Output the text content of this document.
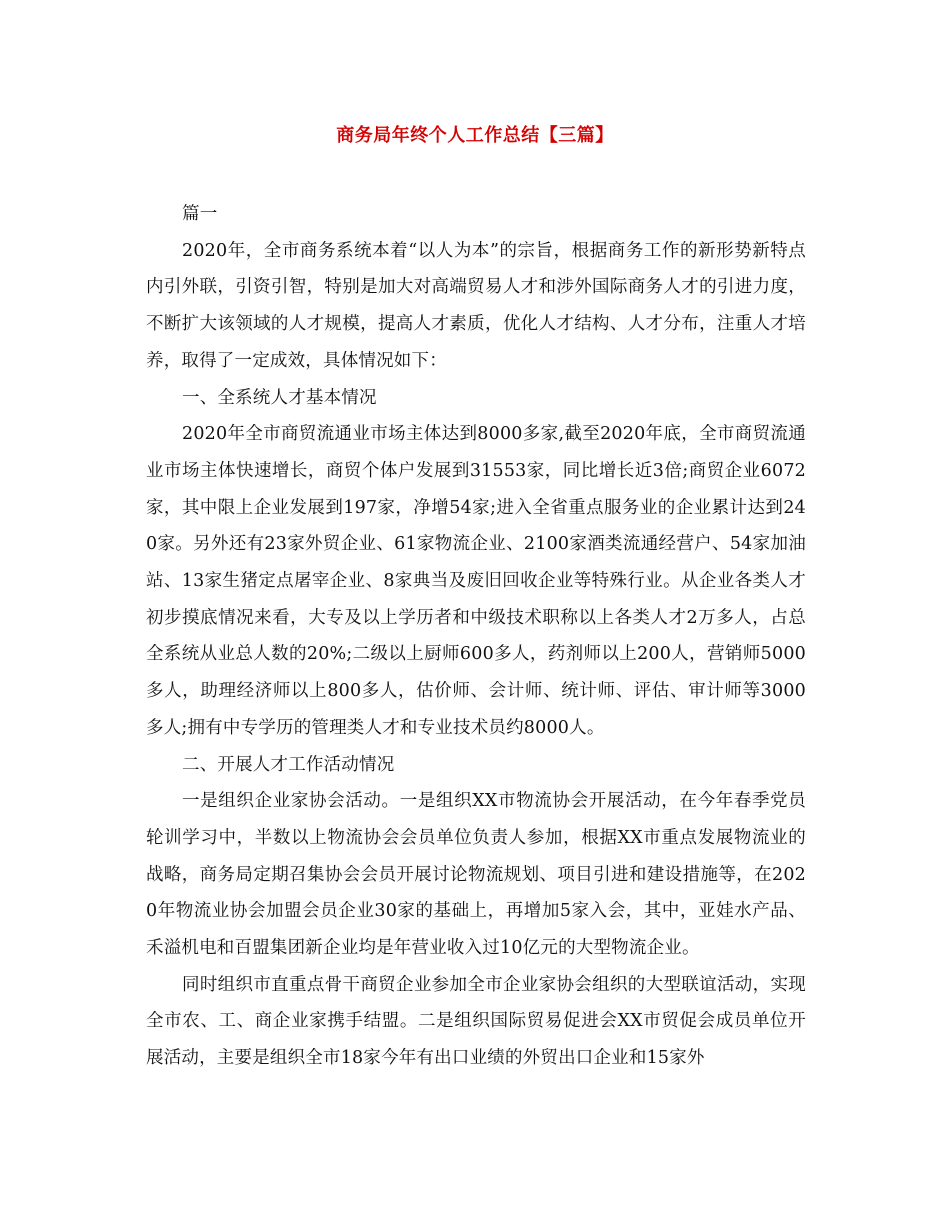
商务局年终个人工作总结【三篇】

篇一

2020年，全市商务系统本着“以人为本”的宗旨，根据商务工作的新形势新特点内引外联，引资引智，特别是加大对高端贸易人才和涉外国际商务人才的引进力度，不断扩大该领域的人才规模，提高人才素质，优化人才结构、人才分布，注重人才培养，取得了一定成效，具体情况如下：

一、全系统人才基本情况

2020年全市商贸流通业市场主体达到8000多家,截至2020年底，全市商贸流通业市场主体快速增长，商贸个体户发展到31553家，同比增长近3倍;商贸企业6072家，其中限上企业发展到197家，净增54家;进入全省重点服务业的企业累计达到240家。另外还有23家外贸企业、61家物流企业、2100家酒类流通经营户、54家加油站、13家生猪定点屠宰企业、8家典当及废旧回收企业等特殊行业。从企业各类人才初步摸底情况来看，大专及以上学历者和中级技术职称以上各类人才2万多人，占总全系统从业总人数的20%;二级以上厨师600多人，药剂师以上200人，营销师5000多人，助理经济师以上800多人，估价师、会计师、统计师、评估、审计师等3000多人;拥有中专学历的管理类人才和专业技术员约8000人。

二、开展人才工作活动情况

一是组织企业家协会活动。一是组织XX市物流协会开展活动，在今年春季党员轮训学习中，半数以上物流协会会员单位负责人参加，根据XX市重点发展物流业的战略，商务局定期召集协会会员开展讨论物流规划、项目引进和建设措施等，在2020年物流业协会加盟会员企业30家的基础上，再增加5家入会，其中，亚娃水产品、禾溢机电和百盟集团新企业均是年营业收入过10亿元的大型物流企业。

同时组织市直重点骨干商贸企业参加全市企业家协会组织的大型联谊活动，实现全市农、工、商企业家携手结盟。二是组织国际贸易促进会XX市贸促会成员单位开展活动，主要是组织全市18家今年有出口业绩的外贸出口企业和15家外
